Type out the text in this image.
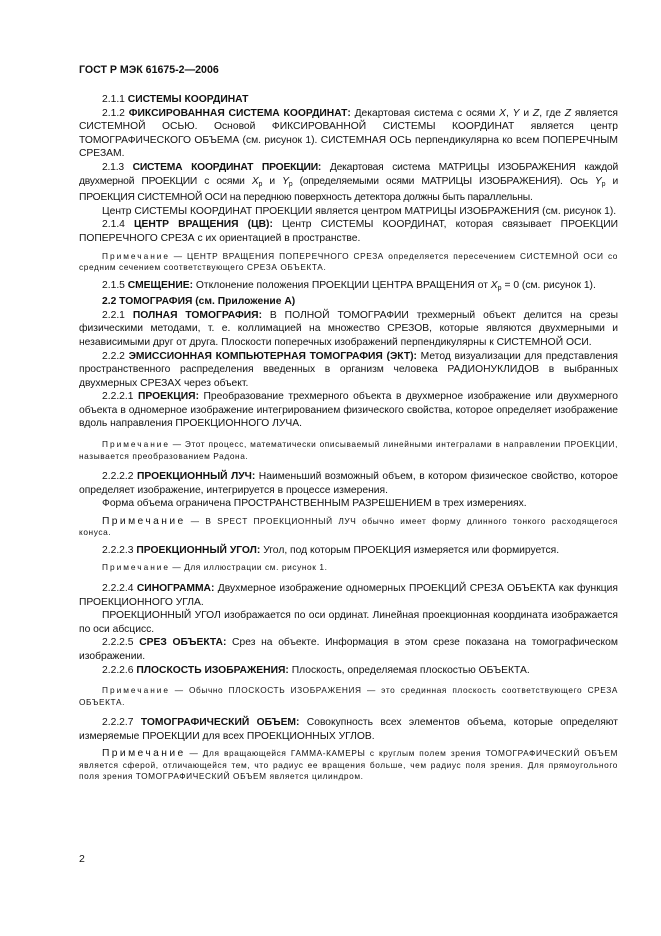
ГОСТ Р МЭК 61675-2—2006

2.1.1 СИСТЕМЫ КООРДИНАТ

2.1.2 ФИКСИРОВАННАЯ СИСТЕМА КООРДИНАТ: Декартовая система с осями X, Y и Z, где Z является СИСТЕМНОЙ ОСЬЮ. Основой ФИКСИРОВАННОЙ СИСТЕМЫ КООРДИНАТ является центр ТОМОГРАФИЧЕСКОГО ОБЪЕМА (см. рисунок 1). СИСТЕМНАЯ ОСЬ перпендикулярна ко всем ПОПЕРЕЧНЫМ СРЕЗАМ.

2.1.3 СИСТЕМА КООРДИНАТ ПРОЕКЦИИ: Декартовая система МАТРИЦЫ ИЗОБРАЖЕНИЯ каждой двухмерной ПРОЕКЦИИ с осями $X_p$ и $Y_p$ (определяемыми осями МАТРИЦЫ ИЗОБРАЖЕНИЯ). Ось $Y_p$ и ПРОЕКЦИЯ СИСТЕМНОЙ ОСИ на переднюю поверхность детектора должны быть параллельны.

Центр СИСТЕМЫ КООРДИНАТ ПРОЕКЦИИ является центром МАТРИЦЫ ИЗОБРАЖЕНИЯ (см. рисунок 1).

2.1.4 ЦЕНТР ВРАЩЕНИЯ (ЦВ): Центр СИСТЕМЫ КООРДИНАТ, которая связывает ПРОЕКЦИИ ПОПЕРЕЧНОГО СРЕЗА с их ориентацией в пространстве.

Примечание — ЦЕНТР ВРАЩЕНИЯ ПОПЕРЕЧНОГО СРЕЗА определяется пересечением СИСТЕМНОЙ ОСИ со средним сечением соответствующего СРЕЗА ОБЪЕКТА.

2.1.5 СМЕЩЕНИЕ: Отклонение положения ПРОЕКЦИИ ЦЕНТРА ВРАЩЕНИЯ от $X_p = 0$ (см. рисунок 1).

2.2 ТОМОГРАФИЯ (см. Приложение А)

2.2.1 ПОЛНАЯ ТОМОГРАФИЯ: В ПОЛНОЙ ТОМОГРАФИИ трехмерный объект делится на срезы физическими методами, т. е. коллимацией на множество СРЕЗОВ, которые являются двухмерными и независимыми друг от друга. Плоскости поперечных изображений перпендикулярны к СИСТЕМНОЙ ОСИ.

2.2.2 ЭМИССИОННАЯ КОМПЬЮТЕРНАЯ ТОМОГРАФИЯ (ЭКТ): Метод визуализации для представления пространственного распределения введенных в организм человека РАДИОНУКЛИДОВ в выбранных двухмерных СРЕЗАХ через объект.

2.2.2.1 ПРОЕКЦИЯ: Преобразование трехмерного объекта в двухмерное изображение или двухмерного объекта в одномерное изображение интегрированием физического свойства, которое определяет изображение вдоль направления ПРОЕКЦИОННОГО ЛУЧА.

Примечание — Этот процесс, математически описываемый линейными интегралами в направлении ПРОЕКЦИИ, называется преобразованием Радона.

2.2.2.2 ПРОЕКЦИОННЫЙ ЛУЧ: Наименьший возможный объем, в котором физическое свойство, которое определяет изображение, интегрируется в процессе измерения.

Форма объема ограничена ПРОСТРАНСТВЕННЫМ РАЗРЕШЕНИЕМ в трех измерениях.

Примечание — В SPECT ПРОЕКЦИОННЫЙ ЛУЧ обычно имеет форму длинного тонкого расходящегося конуса.

2.2.2.3 ПРОЕКЦИОННЫЙ УГОЛ: Угол, под которым ПРОЕКЦИЯ измеряется или формируется.

Примечание — Для иллюстрации см. рисунок 1.

2.2.2.4 СИНОГРАММА: Двухмерное изображение одномерных ПРОЕКЦИЙ СРЕЗА ОБЪЕКТА как функция ПРОЕКЦИОННОГО УГЛА.

ПРОЕКЦИОННЫЙ УГОЛ изображается по оси ординат. Линейная проекционная координата изображается по оси абсцисс.

2.2.2.5 СРЕЗ ОБЪЕКТА: Срез на объекте. Информация в этом срезе показана на томографическом изображении.

2.2.2.6 ПЛОСКОСТЬ ИЗОБРАЖЕНИЯ: Плоскость, определяемая плоскостью ОБЪЕКТА.

Примечание — Обычно ПЛОСКОСТЬ ИЗОБРАЖЕНИЯ — это срединная плоскость соответствующего СРЕЗА ОБЪЕКТА.

2.2.2.7 ТОМОГРАФИЧЕСКИЙ ОБЪЕМ: Совокупность всех элементов объема, которые определяют измеряемые ПРОЕКЦИИ для всех ПРОЕКЦИОННЫХ УГЛОВ.

Примечание — Для вращающейся ГАММА-КАМЕРЫ с круглым полем зрения ТОМОГРАФИЧЕСКИЙ ОБЪЕМ является сферой, отличающейся тем, что радиус ее вращения больше, чем радиус поля зрения. Для прямоугольного поля зрения ТОМОГРАФИЧЕСКИЙ ОБЪЕМ является цилиндром.

2
